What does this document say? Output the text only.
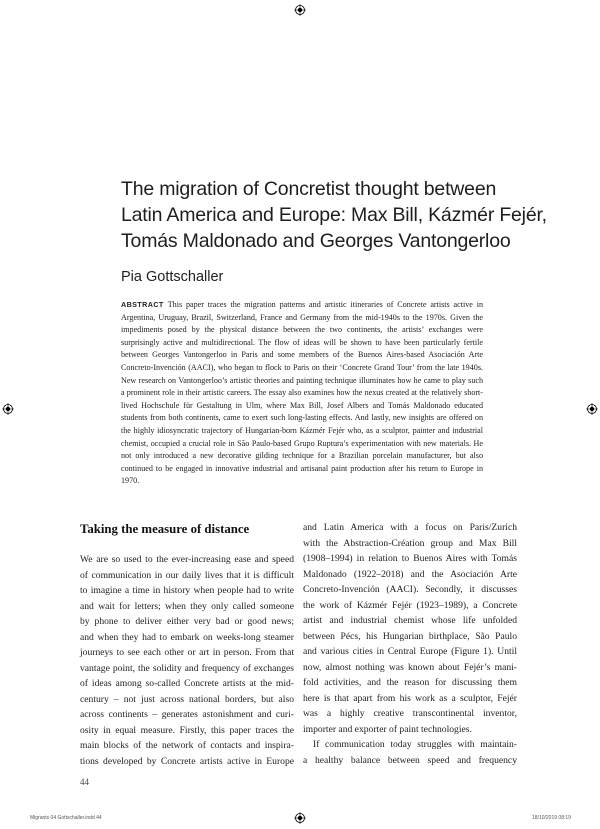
The migration of Concretist thought between
Latin America and Europe: Max Bill, Kázmér Fejér,
Tomás Maldonado and Georges Vantongerloo
Pia Gottschaller
ABSTRACT This paper traces the migration patterns and artistic itineraries of Concrete artists active in Argentina, Uruguay, Brazil, Switzerland, France and Germany from the mid-1940s to the 1970s. Given the impediments posed by the physical distance between the two continents, the artists’ exchanges were surprisingly active and multidirectional. The flow of ideas will be shown to have been particularly fertile between Georges Vantongerloo in Paris and some members of the Buenos Aires-based Asociación Arte Concreto-Invención (AACI), who began to flock to Paris on their ‘Concrete Grand Tour’ from the late 1940s. New research on Vantongerloo’s artistic theories and painting technique illuminates how he came to play such a prominent role in their artistic careers. The essay also examines how the nexus created at the relatively short-lived Hochschule für Gestaltung in Ulm, where Max Bill, Josef Albers and Tomás Maldonado educated students from both continents, came to exert such long-lasting effects. And lastly, new insights are offered on the highly idiosyncratic trajectory of Hungarian-born Kázmér Fejér who, as a sculptor, painter and industrial chemist, occupied a crucial role in São Paulo-based Grupo Ruptura’s experimentation with new materials. He not only introduced a new decorative gilding technique for a Brazilian porcelain manufacturer, but also continued to be engaged in innovative industrial and artisanal paint production after his return to Europe in 1970.
Taking the measure of distance
We are so used to the ever-increasing ease and speed
of communication in our daily lives that it is difficult
to imagine a time in history when people had to write
and wait for letters; when they only called someone
by phone to deliver either very bad or good news;
and when they had to embark on weeks-long steamer
journeys to see each other or art in person. From that
vantage point, the solidity and frequency of exchanges
of ideas among so-called Concrete artists at the mid-
century – not just across national borders, but also
across continents – generates astonishment and curi-
osity in equal measure. Firstly, this paper traces the
main blocks of the network of contacts and inspira-
tions developed by Concrete artists active in Europe
and Latin America with a focus on Paris/Zurich
with the Abstraction-Création group and Max Bill
(1908–1994) in relation to Buenos Aires with Tomás
Maldonado (1922–2018) and the Asociación Arte
Concreto-Invención (AACI). Secondly, it discusses
the work of Kázmér Fejér (1923–1989), a Concrete
artist and industrial chemist whose life unfolded
between Pécs, his Hungarian birthplace, São Paulo
and various cities in Central Europe (Figure 1). Until
now, almost nothing was known about Fejér’s mani-
fold activities, and the reason for discussing them
here is that apart from his work as a sculptor, Fejér
was a highly creative transcontinental inventor,
importer and exporter of paint technologies.
If communication today struggles with maintain-
a healthy balance between speed and frequency
44
Migrants 04 Gottschaller.indd 44	18/10/2019 08:19
